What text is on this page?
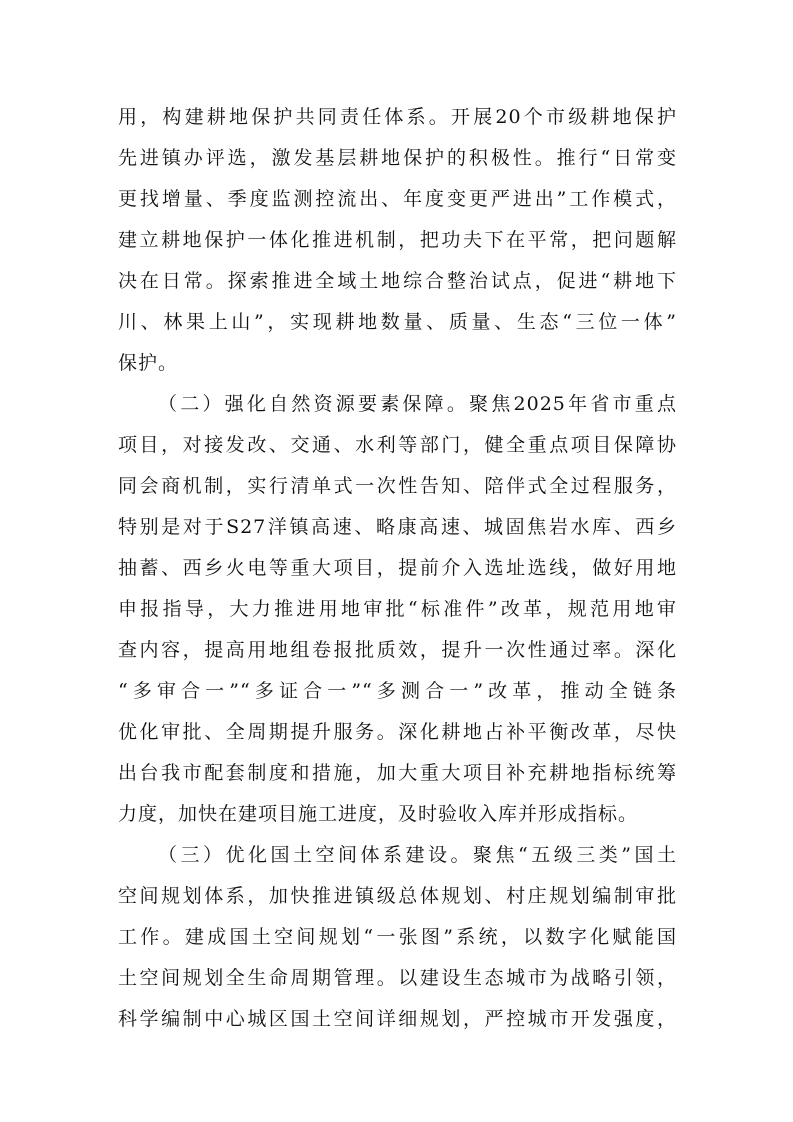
用，构建耕地保护共同责任体系。开展20个市级耕地保护
先进镇办评选，激发基层耕地保护的积极性。推行“日常变
更找增量、季度监测控流出、年度变更严进出”工作模式，
建立耕地保护一体化推进机制，把功夫下在平常，把问题解
决在日常。探索推进全域土地综合整治试点，促进“耕地下
川、林果上山”，实现耕地数量、质量、生态“三位一体”
保护。
（二）强化自然资源要素保障。聚焦2025年省市重点
项目，对接发改、交通、水利等部门，健全重点项目保障协
同会商机制，实行清单式一次性告知、陪伴式全过程服务，
特别是对于S27洋镇高速、略康高速、城固焦岩水库、西乡
抽蓄、西乡火电等重大项目，提前介入选址选线，做好用地
申报指导，大力推进用地审批“标准件”改革，规范用地审
查内容，提高用地组卷报批质效，提升一次性通过率。深化
“多审合一”“多证合一”“多测合一”改革，推动全链条
优化审批、全周期提升服务。深化耕地占补平衡改革，尽快
出台我市配套制度和措施，加大重大项目补充耕地指标统筹
力度，加快在建项目施工进度，及时验收入库并形成指标。
（三）优化国土空间体系建设。聚焦“五级三类”国土
空间规划体系，加快推进镇级总体规划、村庄规划编制审批
工作。建成国土空间规划“一张图”系统，以数字化赋能国
土空间规划全生命周期管理。以建设生态城市为战略引领，
科学编制中心城区国土空间详细规划，严控城市开发强度，
